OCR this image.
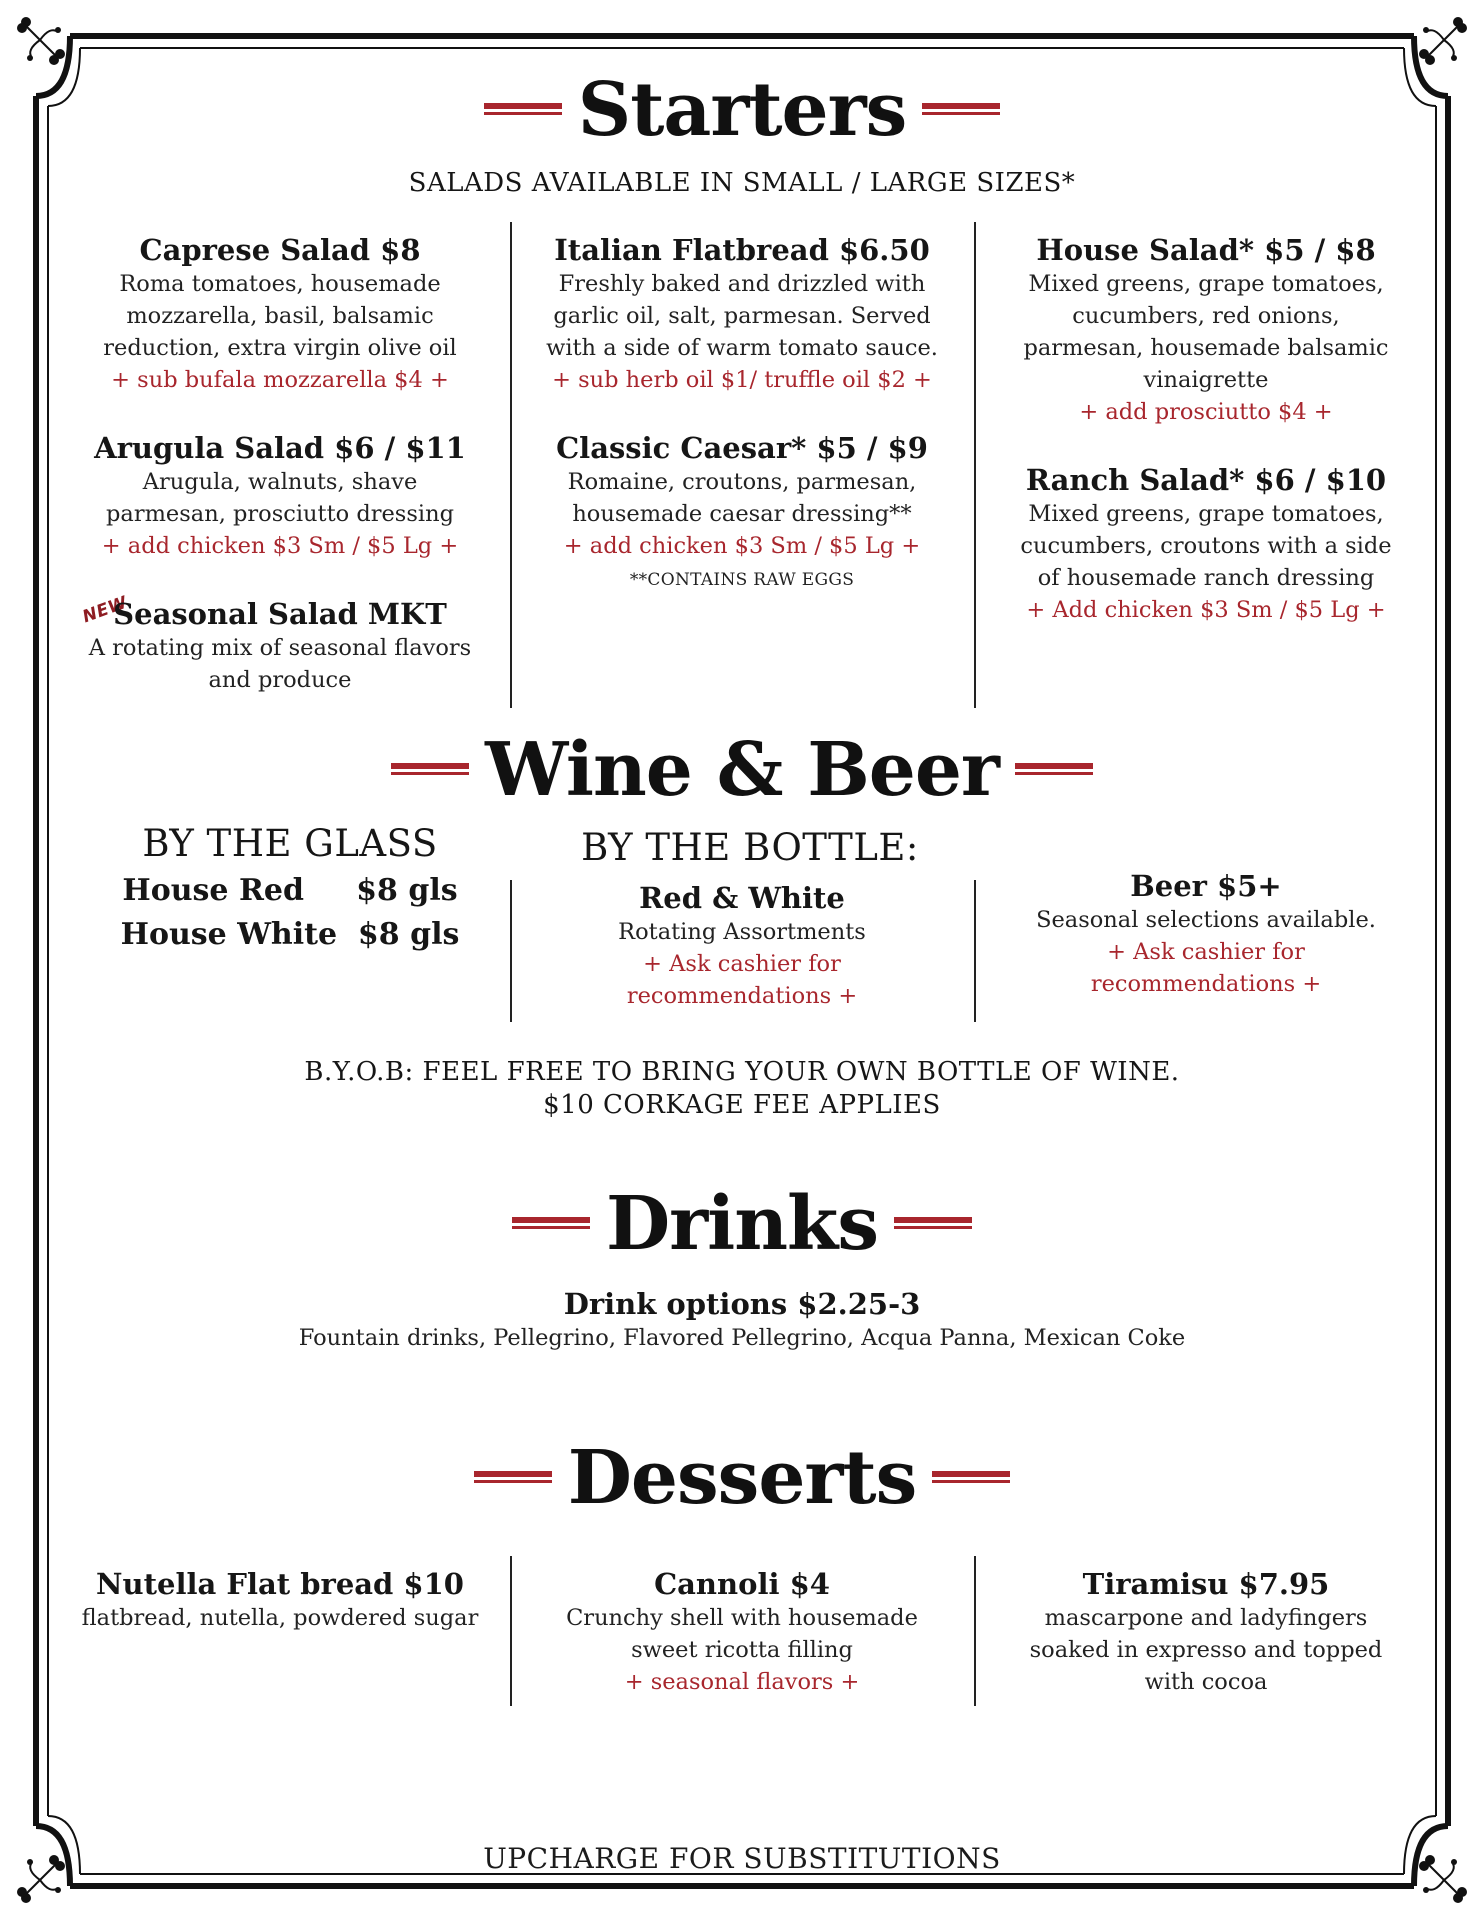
Starters
SALADS AVAILABLE IN SMALL / LARGE SIZES*
Caprese Salad $8
Roma tomatoes, housemade
mozzarella, basil, balsamic
reduction, extra virgin olive oil
+ sub bufala mozzarella $4 +
Arugula Salad $6 / $11
Arugula, walnuts, shave
parmesan, prosciutto dressing
+ add chicken $3 Sm / $5 Lg +
NEW
Seasonal Salad MKT
A rotating mix of seasonal flavors
and produce
Italian Flatbread $6.50
Freshly baked and drizzled with
garlic oil, salt, parmesan. Served
with a side of warm tomato sauce.
+ sub herb oil $1/ truffle oil $2 +
Classic Caesar* $5 / $9
Romaine, croutons, parmesan,
housemade caesar dressing**
+ add chicken $3 Sm / $5 Lg +
**CONTAINS RAW EGGS
House Salad* $5 / $8
Mixed greens, grape tomatoes,
cucumbers, red onions,
parmesan, housemade balsamic
vinaigrette
+ add prosciutto $4 +
Ranch Salad* $6 / $10
Mixed greens, grape tomatoes,
cucumbers, croutons with a side
of housemade ranch dressing
+ Add chicken $3 Sm / $5 Lg +
Wine & Beer
BY THE GLASS
House Red     $8 gls
House White  $8 gls
BY THE BOTTLE:
Red & White
Rotating Assortments
+ Ask cashier for
recommendations +
Beer $5+
Seasonal selections available.
+ Ask cashier for
recommendations +
B.Y.O.B: FEEL FREE TO BRING YOUR OWN BOTTLE OF WINE.
$10 CORKAGE FEE APPLIES
Drinks
Drink options $2.25-3
Fountain drinks, Pellegrino, Flavored Pellegrino, Acqua Panna, Mexican Coke
Desserts
Nutella Flat bread $10
flatbread, nutella, powdered sugar
Cannoli $4
Crunchy shell with housemade
sweet ricotta filling
+ seasonal flavors +
Tiramisu $7.95
mascarpone and ladyfingers
soaked in expresso and topped
with cocoa
UPCHARGE FOR SUBSTITUTIONS
